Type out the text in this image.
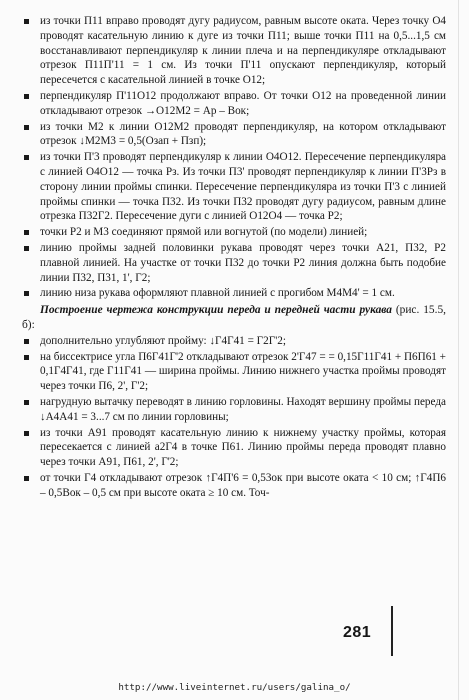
из точки П11 вправо проводят дугу радиусом, равным высоте оката. Через точку О4 проводят касательную линию к дуге из точки П11; выше точки П11 на 0,5...1,5 см восстанавливают перпендикуляр к линии плеча и на перпендикуляре откладывают отрезок П11П'11 = 1 см. Из точки П'11 опускают перпендикуляр, который пересечется с касательной линией в точке О12;
перпендикуляр П'11О12 продолжают вправо. От точки О12 на проведенной линии откладывают отрезок →О12М2 = Аp – Вок;
из точки М2 к линии О12М2 проводят перпендикуляр, на котором откладывают отрезок ↓М2М3 = 0,5(Озап + Пзп);
из точки П'3 проводят перпендикуляр к линии О4О12. Пересечение перпендикуляра с линией О4О12 — точка Рз. Из точки П3' проводят перпендикуляр к линии П'3Рз в сторону линии проймы спинки. Пересечение перпендикуляра из точки П'3 с линией проймы спинки — точка П32. Из точки П32 проводят дугу радиусом, равным длине отрезка П32Г2. Пересечение дуги с линией О12О4 — точка Р2;
точки Р2 и М3 соединяют прямой или вогнутой (по модели) линией;
линию проймы задней половинки рукава проводят через точки А21, П32, Р2 плавной линией. На участке от точки П32 до точки Р2 линия должна быть подобие линии П32, П31, 1', Г2;
линию низа рукава оформляют плавной линией с прогибом М4М4' = 1 см.
Построение чертежа конструкции переда и передней части рукава (рис. 15.5, б):
дополнительно углубляют пройму: ↓Г4Г41 = Г2Г'2;
на биссектрисе угла П6Г41Г'2 откладывают отрезок 2'Г47 = = 0,15Г11Г41 + П6П61 + 0,1Г4Г41, где Г11Г41 — ширина проймы. Линию нижнего участка проймы проводят через точки П6, 2', Г'2;
нагрудную вытачку переводят в линию горловины. Находят вершину проймы переда ↓А4А41 = 3...7 см по линии горловины;
из точки А91 проводят касательную линию к нижнему участку проймы, которая пересекается с линией а2Г4 в точке П61. Линию проймы переда проводят плавно через точки А91, П61, 2', Г'2;
от точки Г4 откладывают отрезок ↑Г4П'6 = 0,53ок при высоте оката < 10 см; ↑Г4П6 – 0,5Вок – 0,5 см при высоте оката ≥ 10 см. Точ-
281
http://www.liveinternet.ru/users/galina_o/
